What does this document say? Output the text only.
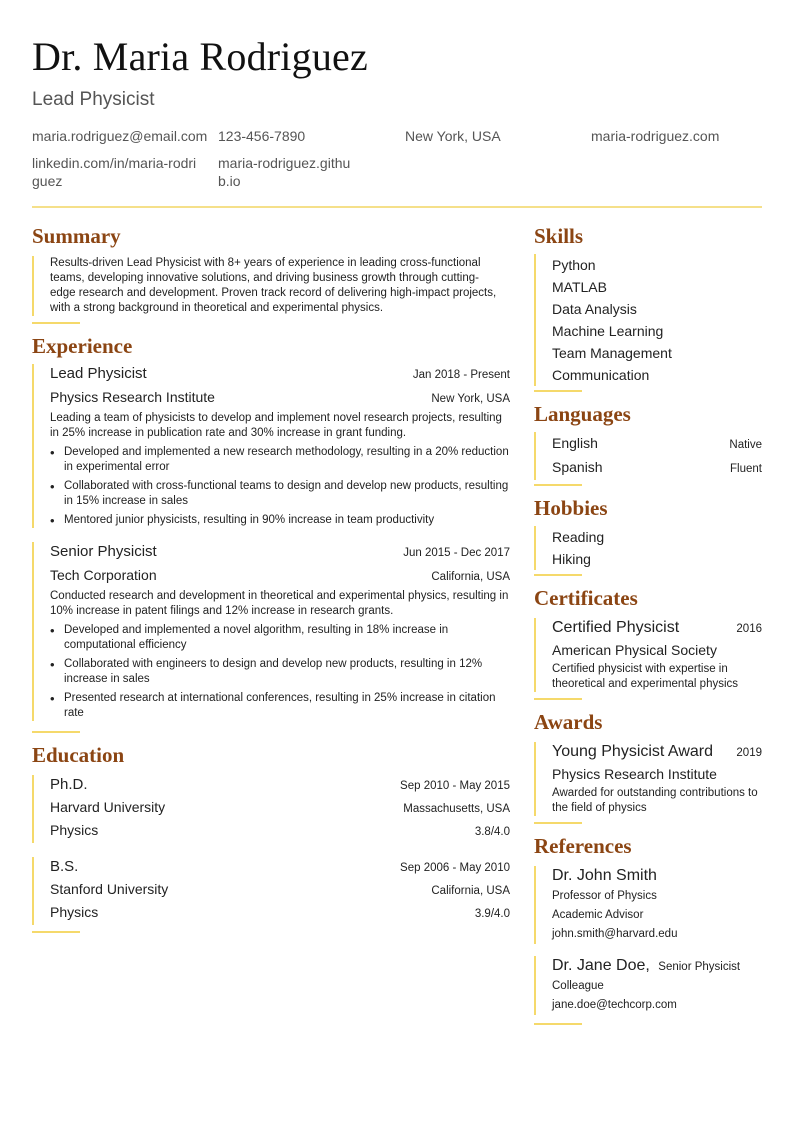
Dr. Maria Rodriguez
Lead Physicist
maria.rodriguez@email.com 123-456-7890	New York, USA	maria-rodriguez.com
linkedin.com/in/maria-rodriguez
maria-rodriguez.github.io
Summary
Results-driven Lead Physicist with 8+ years of experience in leading cross-functional teams, developing innovative solutions, and driving business growth through cutting-edge research and development. Proven track record of delivering high-impact projects, with a strong background in theoretical and experimental physics.
Experience
Lead Physicist	Jan 2018 - Present
Physics Research Institute	New York, USA
Leading a team of physicists to develop and implement novel research projects, resulting in 25% increase in publication rate and 30% increase in grant funding.
• Developed and implemented a new research methodology, resulting in a 20% reduction in experimental error
• Collaborated with cross-functional teams to design and develop new products, resulting in 15% increase in sales
• Mentored junior physicists, resulting in 90% increase in team productivity
Senior Physicist	Jun 2015 - Dec 2017
Tech Corporation	California, USA
Conducted research and development in theoretical and experimental physics, resulting in 10% increase in patent filings and 12% increase in research grants.
• Developed and implemented a novel algorithm, resulting in 18% increase in computational efficiency
• Collaborated with engineers to design and develop new products, resulting in 12% increase in sales
• Presented research at international conferences, resulting in 25% increase in citation rate
Education
Ph.D.	Sep 2010 - May 2015
Harvard University	Massachusetts, USA
Physics	3.8/4.0
B.S.	Sep 2006 - May 2010
Stanford University	California, USA
Physics	3.9/4.0
Skills
Python
MATLAB
Data Analysis
Machine Learning
Team Management
Communication
Languages
English	Native
Spanish	Fluent
Hobbies
Reading
Hiking
Certificates
Certified Physicist	2016
American Physical Society
Certified physicist with expertise in theoretical and experimental physics
Awards
Young Physicist Award 2019
Physics Research Institute
Awarded for outstanding contributions to the field of physics
References
Dr. John Smith
Professor of Physics
Academic Advisor
john.smith@harvard.edu
Dr. Jane Doe, Senior Physicist
Colleague
jane.doe@techcorp.com
